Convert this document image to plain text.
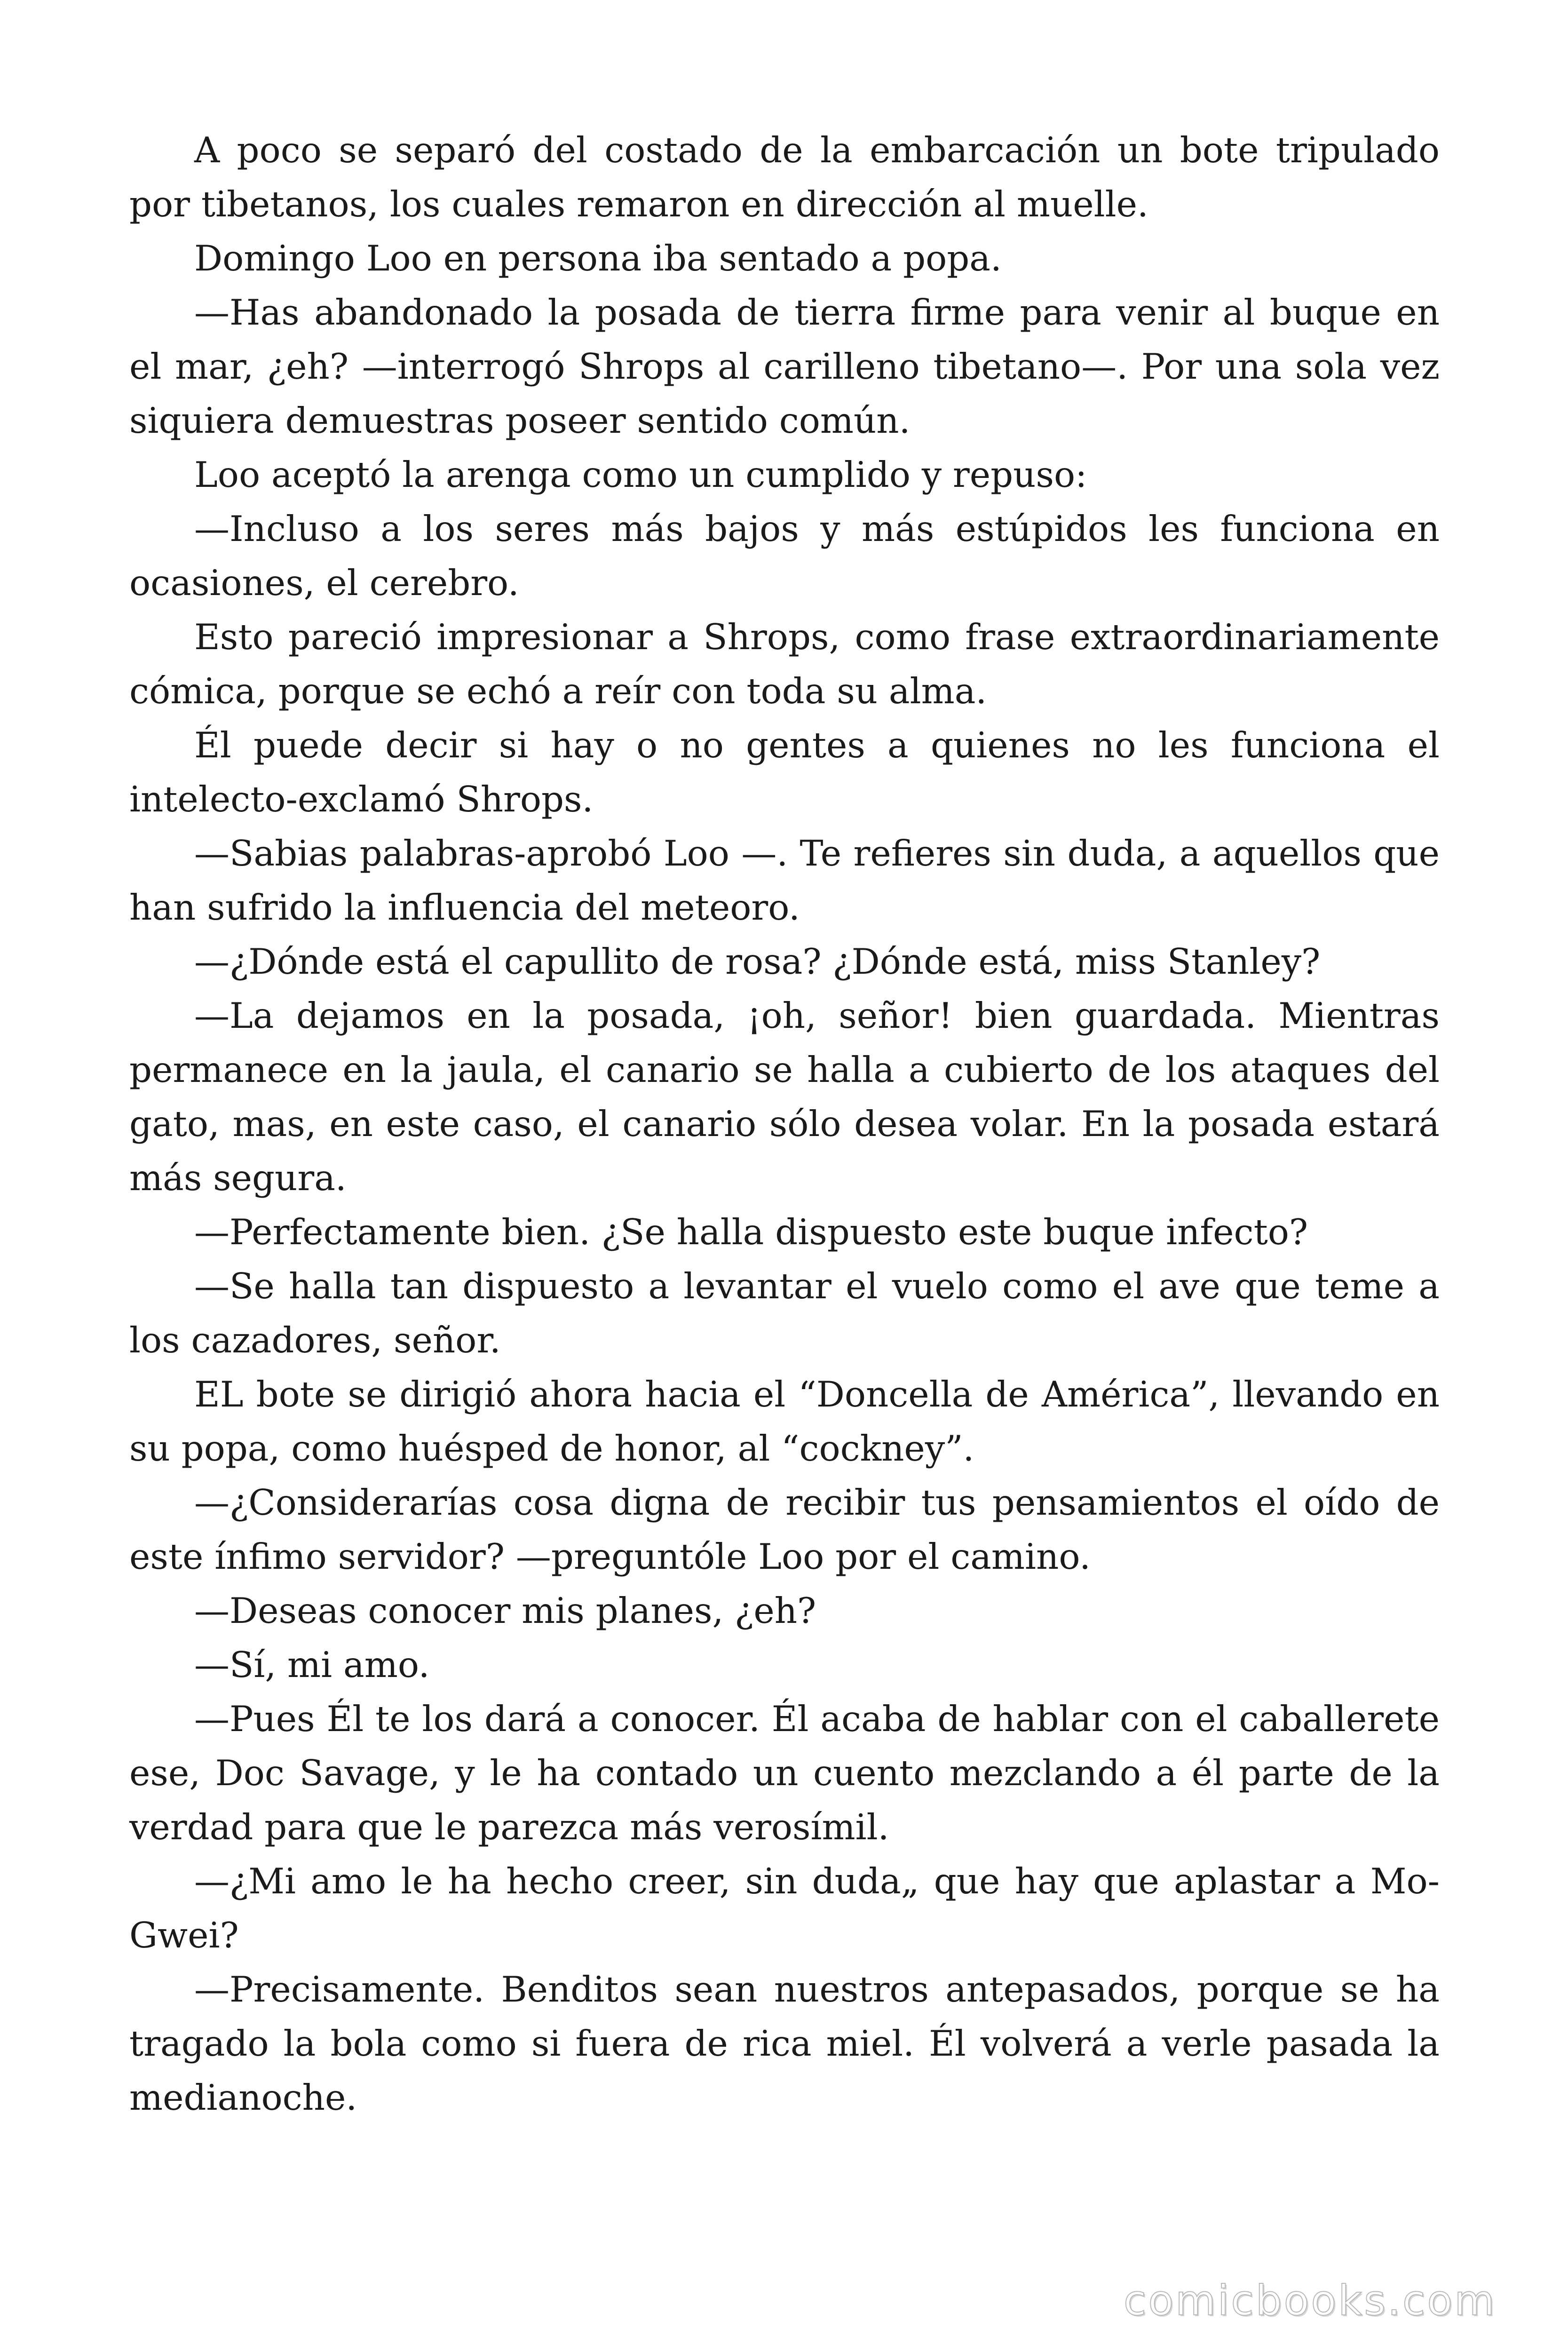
A poco se separó del costado de la embarcación un bote tripulado por tibetanos, los cuales remaron en dirección al muelle.

Domingo Loo en persona iba sentado a popa.

—Has abandonado la posada de tierra firme para venir al buque en el mar, ¿eh? —interrogó Shrops al carilleno tibetano—. Por una sola vez siquiera demuestras poseer sentido común.

Loo aceptó la arenga como un cumplido y repuso:

—Incluso a los seres más bajos y más estúpidos les funciona en ocasiones, el cerebro.

Esto pareció impresionar a Shrops, como frase extraordinariamente cómica, porque se echó a reír con toda su alma.

Él puede decir si hay o no gentes a quienes no les funciona el intelecto-exclamó Shrops.

—Sabias palabras-aprobó Loo —. Te refieres sin duda, a aquellos que han sufrido la influencia del meteoro.

—¿Dónde está el capullito de rosa? ¿Dónde está, miss Stanley?

—La dejamos en la posada, ¡oh, señor! bien guardada. Mientras permanece en la jaula, el canario se halla a cubierto de los ataques del gato, mas, en este caso, el canario sólo desea volar. En la posada estará más segura.

—Perfectamente bien. ¿Se halla dispuesto este buque infecto?

—Se halla tan dispuesto a levantar el vuelo como el ave que teme a los cazadores, señor.

EL bote se dirigió ahora hacia el “Doncella de América”, llevando en su popa, como huésped de honor, al “cockney”.

—¿Considerarías cosa digna de recibir tus pensamientos el oído de este ínfimo servidor? —preguntóle Loo por el camino.

—Deseas conocer mis planes, ¿eh?

—Sí, mi amo.

—Pues Él te los dará a conocer. Él acaba de hablar con el caballerete ese, Doc Savage, y le ha contado un cuento mezclando a él parte de la verdad para que le parezca más verosímil.

—¿Mi amo le ha hecho creer, sin duda„ que hay que aplastar a Mo-Gwei?

—Precisamente. Benditos sean nuestros antepasados, porque se ha tragado la bola como si fuera de rica miel. Él volverá a verle pasada la medianoche.

comicbooks.com
